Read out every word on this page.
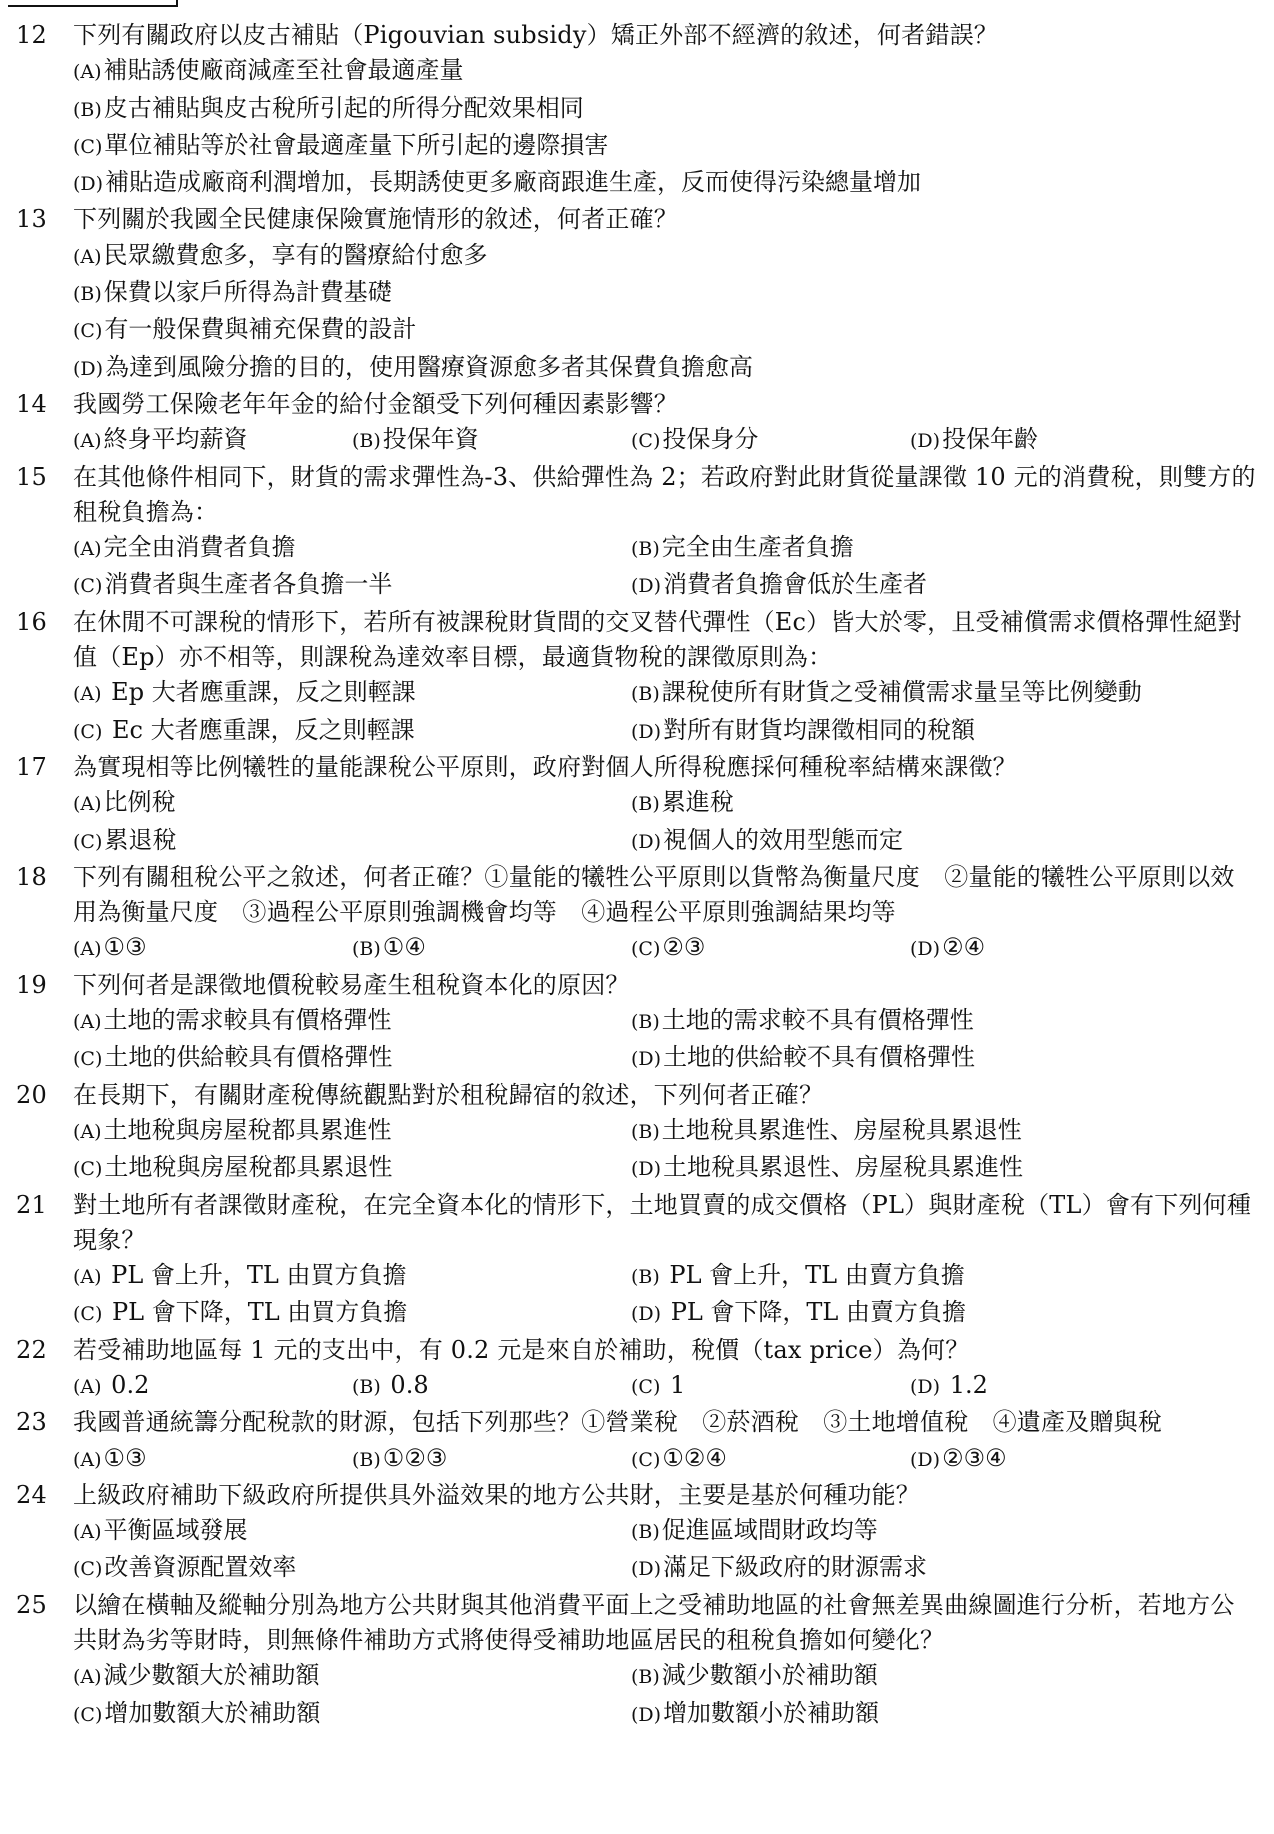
12	下列有關政府以皮古補貼（Pigouvian subsidy）矯正外部不經濟的敘述，何者錯誤？
(A)補貼誘使廠商減產至社會最適產量
(B)皮古補貼與皮古稅所引起的所得分配效果相同
(C)單位補貼等於社會最適產量下所引起的邊際損害
(D)補貼造成廠商利潤增加，長期誘使更多廠商跟進生產，反而使得污染總量增加
13	下列關於我國全民健康保險實施情形的敘述，何者正確？
(A)民眾繳費愈多，享有的醫療給付愈多
(B)保費以家戶所得為計費基礎
(C)有一般保費與補充保費的設計
(D)為達到風險分擔的目的，使用醫療資源愈多者其保費負擔愈高
14	我國勞工保險老年年金的給付金額受下列何種因素影響？
(A)終身平均薪資	(B)投保年資	(C)投保身分	(D)投保年齡
15	在其他條件相同下，財貨的需求彈性為-3、供給彈性為 2；若政府對此財貨從量課徵 10 元的消費稅，則雙方的租稅負擔為：
(A)完全由消費者負擔	(B)完全由生產者負擔
(C)消費者與生產者各負擔一半	(D)消費者負擔會低於生產者
16	在休閒不可課稅的情形下，若所有被課稅財貨間的交叉替代彈性（Ec）皆大於零，且受補償需求價格彈性絕對值（Ep）亦不相等，則課稅為達效率目標，最適貨物稅的課徵原則為：
(A) Ep 大者應重課，反之則輕課	(B)課稅使所有財貨之受補償需求量呈等比例變動
(C) Ec 大者應重課，反之則輕課	(D)對所有財貨均課徵相同的稅額
17	為實現相等比例犧牲的量能課稅公平原則，政府對個人所得稅應採何種稅率結構來課徵？
(A)比例稅	(B)累進稅
(C)累退稅	(D)視個人的效用型態而定
18	下列有關租稅公平之敘述，何者正確？①量能的犧牲公平原則以貨幣為衡量尺度　②量能的犧牲公平原則以效用為衡量尺度　③過程公平原則強調機會均等　④過程公平原則強調結果均等
(A)①③	(B)①④	(C)②③	(D)②④
19	下列何者是課徵地價稅較易產生租稅資本化的原因？
(A)土地的需求較具有價格彈性	(B)土地的需求較不具有價格彈性
(C)土地的供給較具有價格彈性	(D)土地的供給較不具有價格彈性
20	在長期下，有關財產稅傳統觀點對於租稅歸宿的敘述，下列何者正確？
(A)土地稅與房屋稅都具累進性	(B)土地稅具累進性、房屋稅具累退性
(C)土地稅與房屋稅都具累退性	(D)土地稅具累退性、房屋稅具累進性
21	對土地所有者課徵財產稅，在完全資本化的情形下，土地買賣的成交價格（PL）與財產稅（TL）會有下列何種現象？
(A) PL 會上升，TL 由買方負擔	(B) PL 會上升，TL 由賣方負擔
(C) PL 會下降，TL 由買方負擔	(D) PL 會下降，TL 由賣方負擔
22	若受補助地區每 1 元的支出中，有 0.2 元是來自於補助，稅價（tax price）為何？
(A) 0.2	(B) 0.8	(C) 1	(D) 1.2
23	我國普通統籌分配稅款的財源，包括下列那些？①營業稅　②菸酒稅　③土地增值稅　④遺產及贈與稅
(A)①③	(B)①②③	(C)①②④	(D)②③④
24	上級政府補助下級政府所提供具外溢效果的地方公共財，主要是基於何種功能？
(A)平衡區域發展	(B)促進區域間財政均等
(C)改善資源配置效率	(D)滿足下級政府的財源需求
25	以繪在橫軸及縱軸分別為地方公共財與其他消費平面上之受補助地區的社會無差異曲線圖進行分析，若地方公共財為劣等財時，則無條件補助方式將使得受補助地區居民的租稅負擔如何變化？
(A)減少數額大於補助額	(B)減少數額小於補助額
(C)增加數額大於補助額	(D)增加數額小於補助額
